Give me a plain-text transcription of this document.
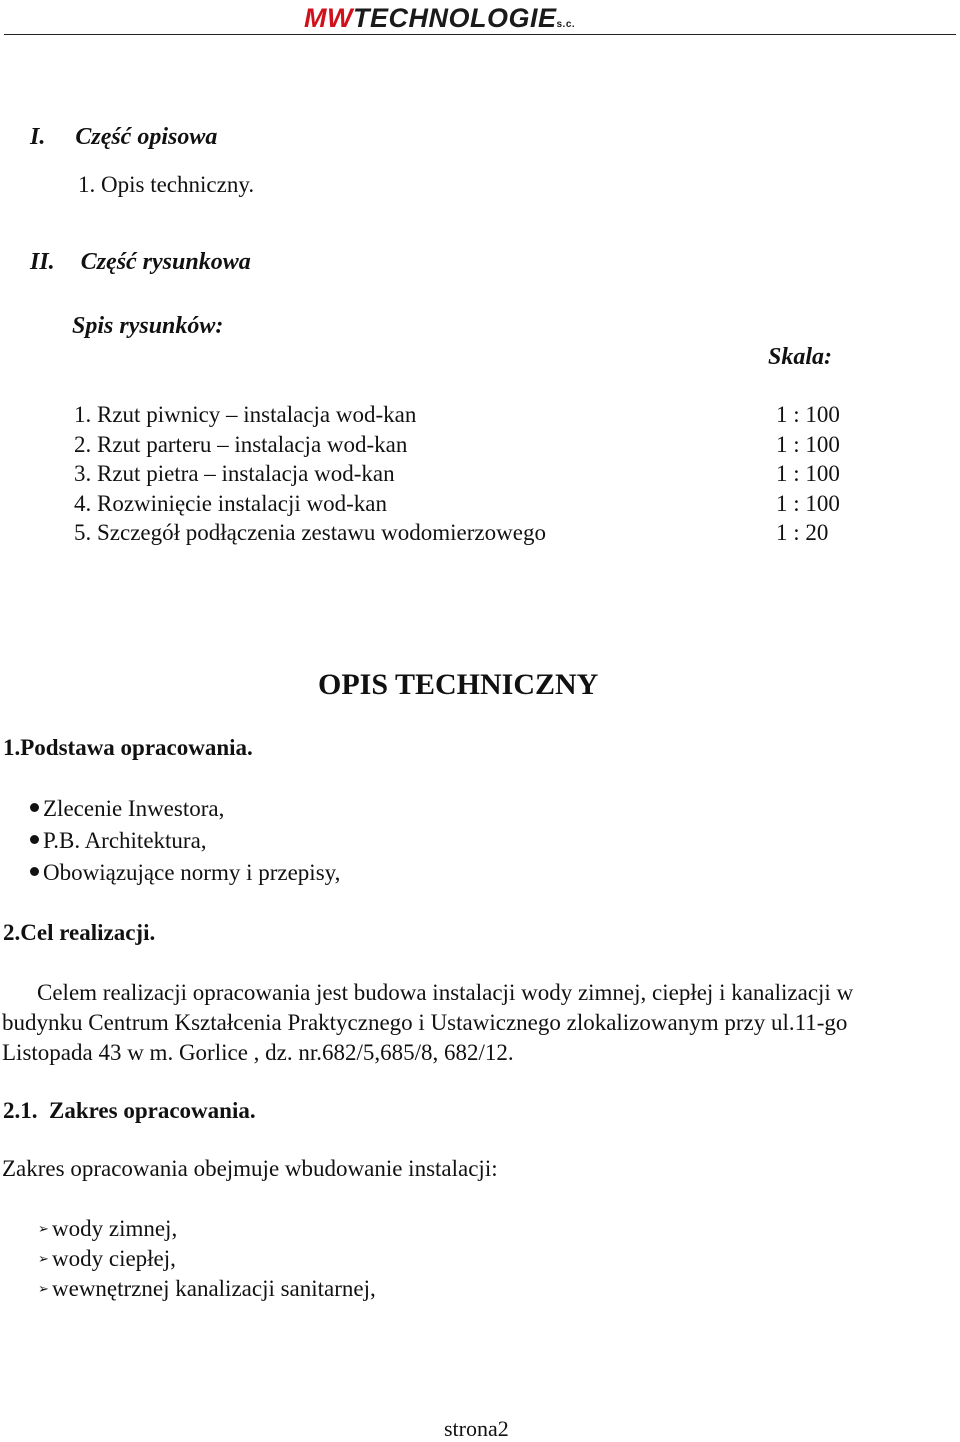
MWTECHNOLOGIEs.c.
I. Część opisowa
1. Opis techniczny.
II. Część rysunkowa
Spis rysunków:
Skala:
1. Rzut piwnicy – instalacja wod-kan	1 : 100
2. Rzut parteru – instalacja wod-kan	1 : 100
3. Rzut pietra – instalacja wod-kan	1 : 100
4. Rozwinięcie instalacji wod-kan	1 : 100
5. Szczegół podłączenia zestawu wodomierzowego	1 : 20
OPIS TECHNICZNY
1.Podstawa opracowania.
Zlecenie Inwestora,
P.B. Architektura,
Obowiązujące normy i przepisy,
2.Cel realizacji.
Celem realizacji opracowania jest budowa instalacji wody zimnej, ciepłej i kanalizacji w
budynku Centrum Kształcenia Praktycznego i Ustawicznego zlokalizowanym przy ul.11-go
Listopada 43 w m. Gorlice , dz. nr.682/5,685/8, 682/12.
2.1.  Zakres opracowania.
Zakres opracowania obejmuje wbudowanie instalacji:
➢ wody zimnej,
➢ wody ciepłej,
➢ wewnętrznej kanalizacji sanitarnej,
strona2
